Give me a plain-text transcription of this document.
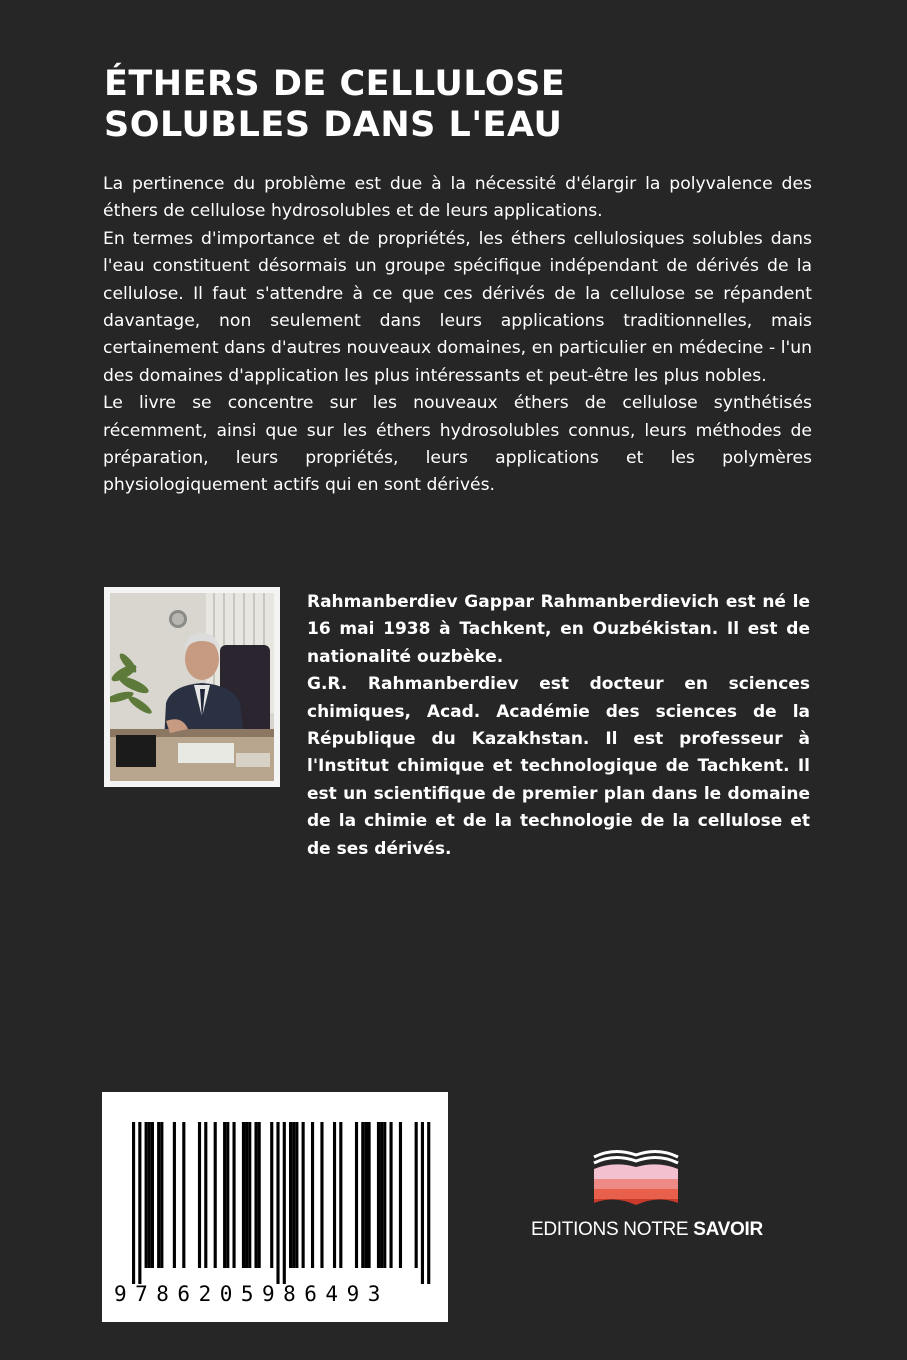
ÉTHERS DE CELLULOSE
SOLUBLES DANS L'EAU

La pertinence du problème est due à la nécessité d'élargir la polyvalence des éthers de cellulose hydrosolubles et de leurs applications.

En termes d'importance et de propriétés, les éthers cellulosiques solubles dans l'eau constituent désormais un groupe spécifique indépendant de dérivés de la cellulose. Il faut s'attendre à ce que ces dérivés de la cellulose se répandent davantage, non seulement dans leurs applications traditionnelles, mais certainement dans d'autres nouveaux domaines, en particulier en médecine - l'un des domaines d'application les plus intéressants et peut-être les plus nobles.

Le livre se concentre sur les nouveaux éthers de cellulose synthétisés récemment, ainsi que sur les éthers hydrosolubles connus, leurs méthodes de préparation, leurs propriétés, leurs applications et les polymères physiologiquement actifs qui en sont dérivés.

Rahmanberdiev Gappar Rahmanberdievich est né le 16 mai 1938 à Tachkent, en Ouzbékistan. Il est de nationalité ouzbèke.

G.R. Rahmanberdiev est docteur en sciences chimiques, Acad. Académie des sciences de la République du Kazakhstan. Il est professeur à l'Institut chimique et technologique de Tachkent. Il est un scientifique de premier plan dans le domaine de la chimie et de la technologie de la cellulose et de ses dérivés.

9786205986493
EDITIONS NOTRE SAVOIR
